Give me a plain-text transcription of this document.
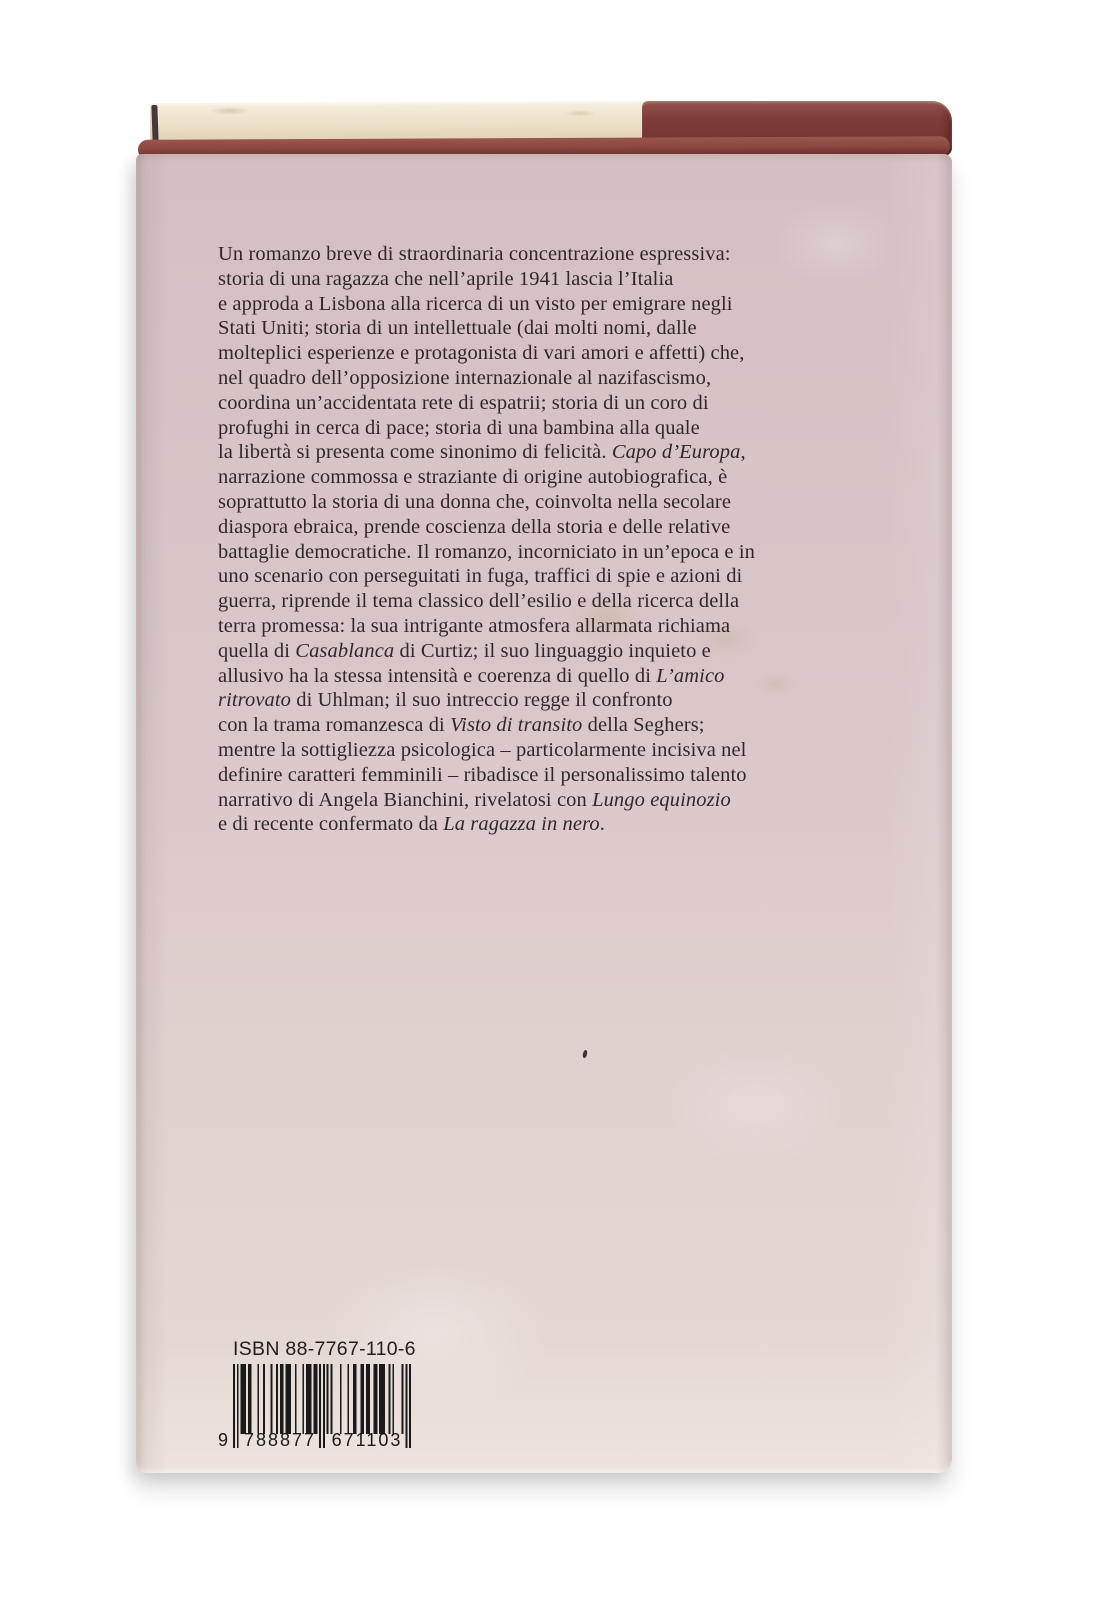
Un romanzo breve di straordinaria concentrazione espressiva:
storia di una ragazza che nell’aprile 1941 lascia l’Italia
e approda a Lisbona alla ricerca di un visto per emigrare negli
Stati Uniti; storia di un intellettuale (dai molti nomi, dalle
molteplici esperienze e protagonista di vari amori e affetti) che,
nel quadro dell’opposizione internazionale al nazifascismo,
coordina un’accidentata rete di espatrii; storia di un coro di
profughi in cerca di pace; storia di una bambina alla quale
la libertà si presenta come sinonimo di felicità. Capo d’Europa,
narrazione commossa e straziante di origine autobiografica, è
soprattutto la storia di una donna che, coinvolta nella secolare
diaspora ebraica, prende coscienza della storia e delle relative
battaglie democratiche. Il romanzo, incorniciato in un’epoca e in
uno scenario con perseguitati in fuga, traffici di spie e azioni di
guerra, riprende il tema classico dell’esilio e della ricerca della
terra promessa: la sua intrigante atmosfera allarmata richiama
quella di Casablanca di Curtiz; il suo linguaggio inquieto e
allusivo ha la stessa intensità e coerenza di quello di L’amico
ritrovato di Uhlman; il suo intreccio regge il confronto
con la trama romanzesca di Visto di transito della Seghers;
mentre la sottigliezza psicologica – particolarmente incisiva nel
definire caratteri femminili – ribadisce il personalissimo talento
narrativo di Angela Bianchini, rivelatosi con Lungo equinozio
e di recente confermato da La ragazza in nero.
ISBN 88-7767-110-6
9 788877 671103
